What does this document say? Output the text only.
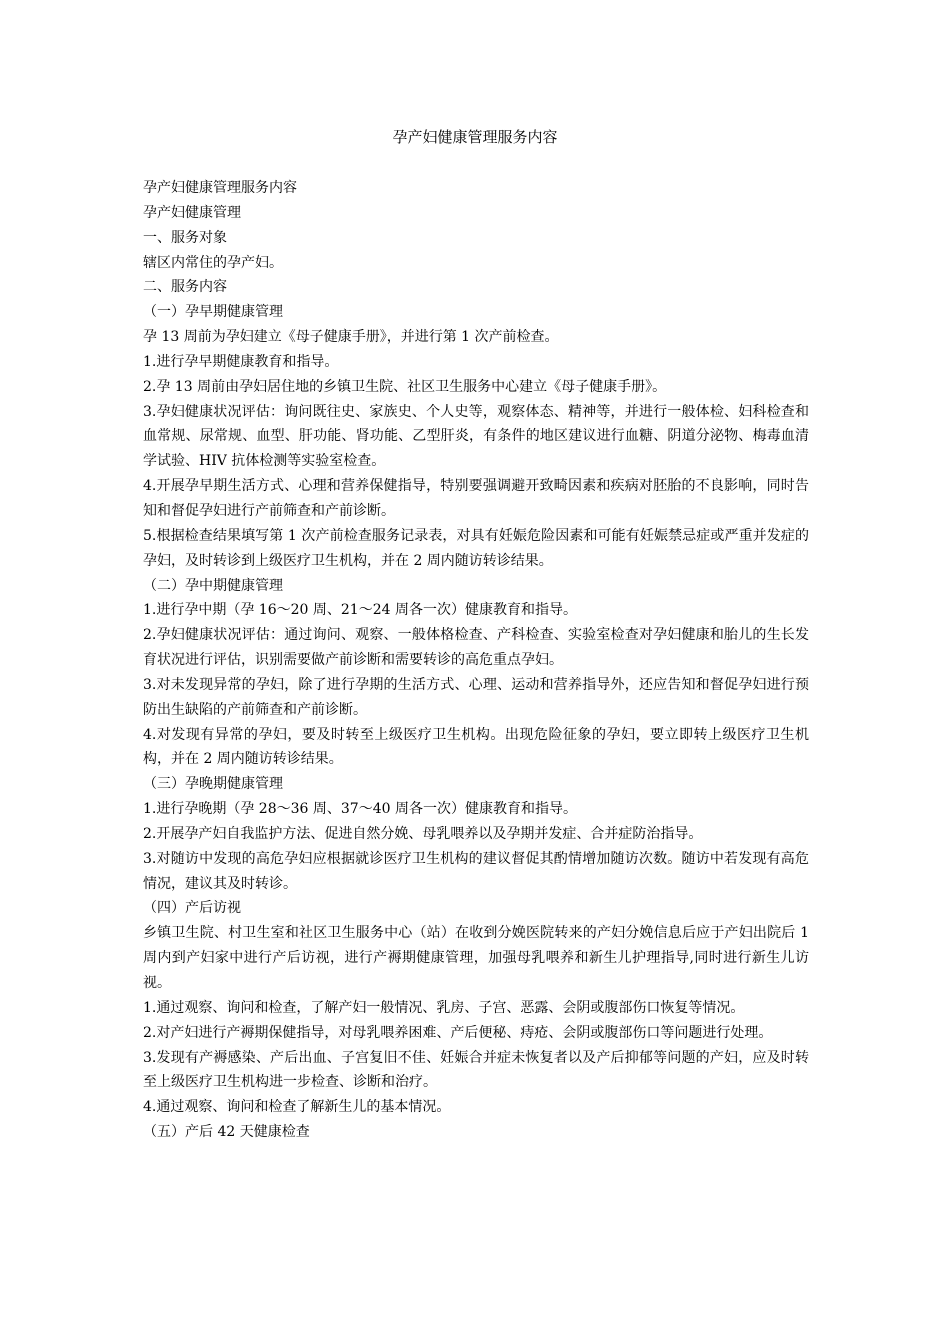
孕产妇健康管理服务内容

孕产妇健康管理服务内容

孕产妇健康管理

一、服务对象

辖区内常住的孕产妇。

二、服务内容

（一）孕早期健康管理

孕 13 周前为孕妇建立《母子健康手册》，并进行第 1 次产前检查。

1.进行孕早期健康教育和指导。

2.孕 13 周前由孕妇居住地的乡镇卫生院、社区卫生服务中心建立《母子健康手册》。

3.孕妇健康状况评估：询问既往史、家族史、个人史等，观察体态、精神等，并进行一般体检、妇科检查和血常规、尿常规、血型、肝功能、肾功能、乙型肝炎，有条件的地区建议进行血糖、阴道分泌物、梅毒血清学试验、HIV 抗体检测等实验室检查。

4.开展孕早期生活方式、心理和营养保健指导，特别要强调避开致畸因素和疾病对胚胎的不良影响，同时告知和督促孕妇进行产前筛查和产前诊断。

5.根据检查结果填写第 1 次产前检查服务记录表，对具有妊娠危险因素和可能有妊娠禁忌症或严重并发症的孕妇，及时转诊到上级医疗卫生机构，并在 2 周内随访转诊结果。

（二）孕中期健康管理

1.进行孕中期（孕 16～20 周、21～24 周各一次）健康教育和指导。

2.孕妇健康状况评估：通过询问、观察、一般体格检查、产科检查、实验室检查对孕妇健康和胎儿的生长发育状况进行评估，识别需要做产前诊断和需要转诊的高危重点孕妇。

3.对未发现异常的孕妇，除了进行孕期的生活方式、心理、运动和营养指导外，还应告知和督促孕妇进行预防出生缺陷的产前筛查和产前诊断。

4.对发现有异常的孕妇，要及时转至上级医疗卫生机构。出现危险征象的孕妇，要立即转上级医疗卫生机构，并在 2 周内随访转诊结果。

（三）孕晚期健康管理

1.进行孕晚期（孕 28～36 周、37～40 周各一次）健康教育和指导。

2.开展孕产妇自我监护方法、促进自然分娩、母乳喂养以及孕期并发症、合并症防治指导。

3.对随访中发现的高危孕妇应根据就诊医疗卫生机构的建议督促其酌情增加随访次数。随访中若发现有高危情况，建议其及时转诊。

（四）产后访视

乡镇卫生院、村卫生室和社区卫生服务中心（站）在收到分娩医院转来的产妇分娩信息后应于产妇出院后 1 周内到产妇家中进行产后访视，进行产褥期健康管理，加强母乳喂养和新生儿护理指导,同时进行新生儿访视。

1.通过观察、询问和检查，了解产妇一般情况、乳房、子宫、恶露、会阴或腹部伤口恢复等情况。

2.对产妇进行产褥期保健指导，对母乳喂养困难、产后便秘、痔疮、会阴或腹部伤口等问题进行处理。

3.发现有产褥感染、产后出血、子宫复旧不佳、妊娠合并症未恢复者以及产后抑郁等问题的产妇，应及时转至上级医疗卫生机构进一步检查、诊断和治疗。

4.通过观察、询问和检查了解新生儿的基本情况。

（五）产后 42 天健康检查
